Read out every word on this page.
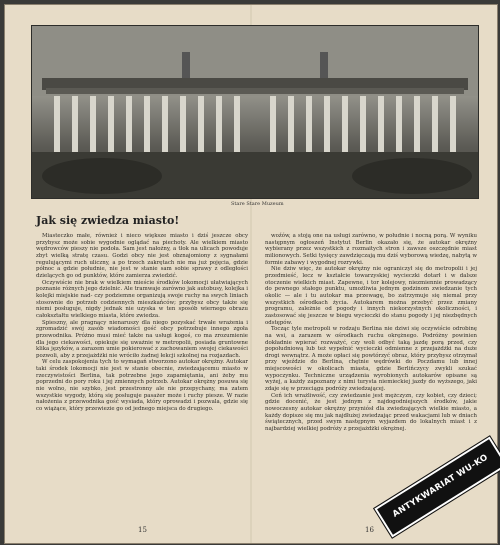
Stare Stare Muzeum
Jak się zwiedza miasto!

Miasteczko małe, również i nieco większe miasto i dziś jeszcze obcy przybysz może sobie wygodnie oglądać na piechoty. Ale wielkiem miasto wędrowców pieszy nie podoła. Sam jest nałożny, a tłok na ulicach powoduje zbyt wielką stratę czasu. Godzi obcy nie jest obznajomiony z sygnałami regulującymi ruch uliczny, a po trzech zakrętach nie ma już pojęcia, gdzie północ a gdzie południe, nie jest w stanie sam sobie sprawy z odległości dzielących go od punktów, które zamierza zwiedzić.

Oczywiście nie brak w wielkiem mieście środków lokomocji ułatwiających poznanie różnych jego dzielnic. Ale tramwaje zarówno jak autobusy, kolejka i kolejki miejskie nad- czy podziemne organizują swoje ruchy na swych liniach stosownie do potrzeb codziennych mieszkańców; przybysz obcy także się niemi posługuje, nigdy jednak nie uzyska w ten sposób wiernego obrazu całokształtu wielkiego miasta, które zwiedza.

Spieszny, ale pragnący nienaruszy dla niego pozyskać trwałe wrażenia i zgromadzić swój zasób wiadomości gość obcy potrzebuje innego zgoła przewodnika. Próżno musi mieć także na usługi kogoś, co ma zrozumienie dla jego ciekawości, opiekuje się uważnie w metropolii, posiada gruntowne klika języków, a zarazem umie pokierować z zachowaniem swojej ciekawości pozwoli, aby z przejażdżki nie wróciło żadnej łekcji szkolnej na rozjazdach.

W celu zaspokojenia tych to wymagań stworzono autokar okrężny. Autokar taki środek lokomocji nie jest w stanie obecnie, zwiedzającemu miasto w rzeczywistości Berlina, tak potrzebne jego zapamiętania, ani żeby mu poprzedni do pory roku i jej zmiennych potrzeb. Autokar okrężny posuwa się nie wolno, nie szybko, jest przestronny ale nie przepychany, ma zatem wszystkie wygody, którą się posługuje pasażer może i ruchy piesze. W razie nałożenia z przewodnika gość wysiada, który oprowadzi i pozwala, gdzie się co wiążące, który przewiezie go od jednego miejsca do drugiego.

woźów, a stoją one na usługi zarówno, w południe i nocną porą. W wyniku następnym ogłoszeń Instytut Berlin okazało się, że autokar okrężny wybierany przez wszystkich z rozmaitych stron i zawsze oszczędnie miast milionowych. Setki tysięcy zawdzięczają mu dziś wyborową wiedzę, nabytą w formie zabawy i wygodnej rozrywki.

Nie dziw więc, że autokar okrężny nie ograniczył się do metropolii i jej przedmieść, lecz w kształcie towarzyskiej wycieczki dotarł i w dalsze otoczenie wielkich miast. Zapewne, i tor kolejowy, niezmiennie prowadzący do pewnego stałego punktu, umożliwia jednym godzinom zwiedzanie tych okolic — ale i tu autokar ma przewagę, bo zatrzymuje się niemal przy wszystkich ośrodkach życia. Autokarem można przebyć przez zmiany programu, zależnie od pogody i innych niekorzystnych okoliczności, i zastosować się jeszcze w biegu wycieczki do stanu pogody i jej niezbędnych odstępów.

Tocząc tyle metropoli w rodzaju Berlina nie dziwi się oczywiście odrobinę na wsi, a zarazem w ośrodkach ruchu okrężnego. Podróżny powinien dokładnie wpierać rozważyć, czy woli odbyć taką jazdę porą przed, czy popołudniową lub też wypełnić wycieczki odmienne z przejażdżki na duże drogi wewnątrz. A może opłaci się powtórzyć obraz, który przybysz otrzymał przy wjeździe do Berlina, chętnie wędrówki do Poczdamu lub innej miejscowości w okolicach miasta, gdzie Berlińczycy zwykli szukać wypoczynku. Techniczne urządzenia wyrobionych autokarów opisane są wyżej, a każdy zapoznany z nimi turysta niemieckiej jazdy do wyższego, jaki zdaje się w przeciągu podróży zwiedzającej.

Ceń ich wrażliwość, czy zwiedzanie jest mężczyzn, czy kobiet, czy dzieci; gdzie docenić, że jest jednym z najdogodniejszych środków, jakie nowoczesny autokar okrężny przyniósł dla zwiedzających wielkie miasto, a każdy dopisze się mu jak najdłużej zwiedzając przed wakacjami lub w dniach świątecznych, przed swym następnym wyjazdem do lokalnych miast i z najbardziej wielkiej podróży z przejażdżki okrężnej.

15	16
ANTYKWARIAT WU-KO
